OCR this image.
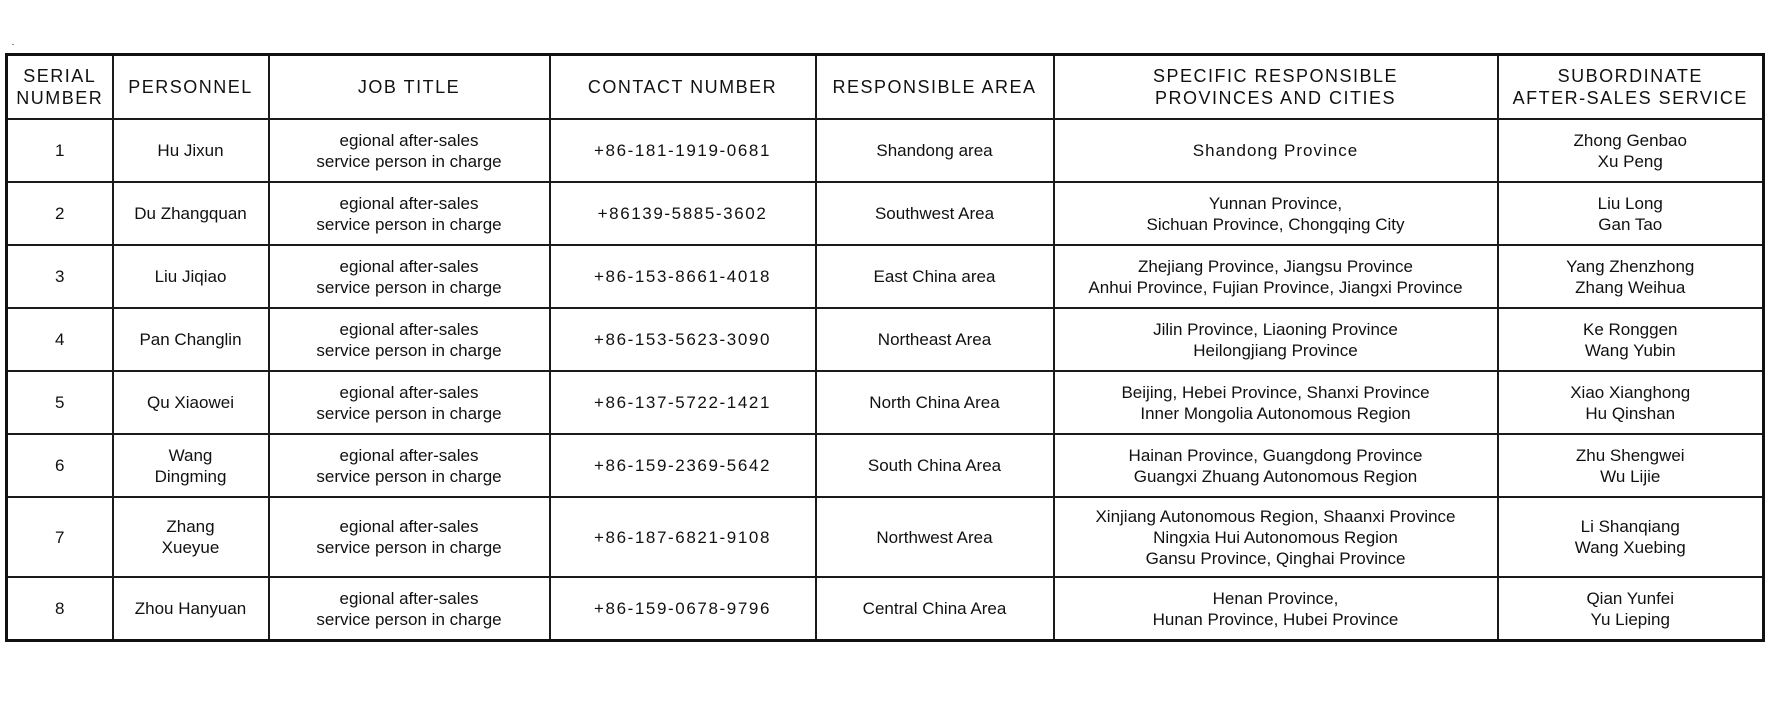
SERIAL
NUMBER	PERSONNEL	JOB TITLE	CONTACT NUMBER	RESPONSIBLE AREA	SPECIFIC RESPONSIBLE
PROVINCES AND CITIES	SUBORDINATE
AFTER-SALES SERVICE
1	Hu Jixun	egional after-sales
service person in charge	+86-181-1919-0681	Shandong area	Shandong Province	Zhong Genbao
Xu Peng
2	Du Zhangquan	egional after-sales
service person in charge	+86139-5885-3602	Southwest Area	Yunnan Province,
Sichuan Province, Chongqing City	Liu Long
Gan Tao
3	Liu Jiqiao	egional after-sales
service person in charge	+86-153-8661-4018	East China area	Zhejiang Province, Jiangsu Province
Anhui Province, Fujian Province, Jiangxi Province	Yang Zhenzhong
Zhang Weihua
4	Pan Changlin	egional after-sales
service person in charge	+86-153-5623-3090	Northeast Area	Jilin Province, Liaoning Province
Heilongjiang Province	Ke Ronggen
Wang Yubin
5	Qu Xiaowei	egional after-sales
service person in charge	+86-137-5722-1421	North China Area	Beijing, Hebei Province, Shanxi Province
Inner Mongolia Autonomous Region	Xiao Xianghong
Hu Qinshan
6	Wang
Dingming	egional after-sales
service person in charge	+86-159-2369-5642	South China Area	Hainan Province, Guangdong Province
Guangxi Zhuang Autonomous Region	Zhu Shengwei
Wu Lijie
7	Zhang
Xueyue	egional after-sales
service person in charge	+86-187-6821-9108	Northwest Area	Xinjiang Autonomous Region, Shaanxi Province
Ningxia Hui Autonomous Region
Gansu Province, Qinghai Province	Li Shanqiang
Wang Xuebing
8	Zhou Hanyuan	egional after-sales
service person in charge	+86-159-0678-9796	Central China Area	Henan Province,
Hunan Province, Hubei Province	Qian Yunfei
Yu Lieping
